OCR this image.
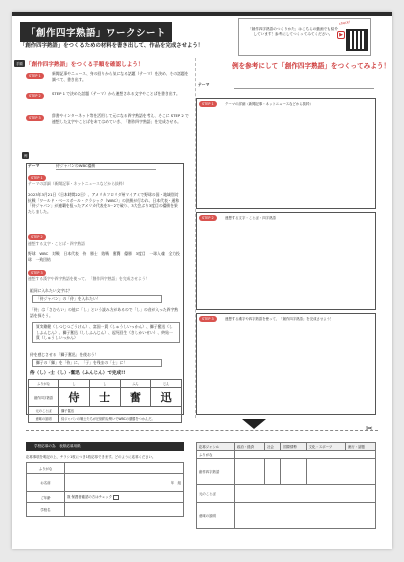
「創作四字熟語」ワークシート
「創作四字熟語」をつくるための材料を書き出して、作品を完成させよう！
「創作四字熟語のつくりかた」はこちらの動画でも紹介しています！参考にしてつくってみてください。
check!
▶
手順 「創作四字熟語」をつくる手順を確認しよう！
STEP 1	新聞記事やニュース、身の回りから気になる話題（テーマ）を決め、その話題を調べて、書き出す。
STEP 2	STEP 1 で決めた話題（テーマ）から連想される文字やことばを書き出す。
STEP 3	辞書やインターネット等を活用して元になる四字熟語を考え、そこに STEP 2 で連想した文字やことばをあてはめていき、「創作四字熟語」を完成させる。
例
テーマ	侍ジャパンのWBC優勝
STEP 1
テーマの詳細（新聞記事・ネットニュースなどから抜粋）
2023年3月21日（日本時間22日）、アメリカフロリダ州マイアミで野球の国・地域別対抗戦「ワールド・ベースボール・クラシック（WBC）」の決勝が行われ、日本代表・通称「侍ジャパン」が連覇を狙ったアメリカ代表を3－2で破り、3大会ぶり3度目の優勝を果たしました。
STEP 2
連想する文字・ことば・四字熟語
野球　WBC　対戦　日本代表　侍　勝士　敗戦　奮闘　優勝　3度目　一球入魂　全力投球　一致団結
STEP 3
連想する漢字や四字熟語を使って、「創作四字熟語」を完成させよう！
組同に入れたい文字は？
「侍ジャパン」の「侍」を入れたい！
「侍」は「さむらい」の他に「し」という読み方があるので「し」の音が入った四字熟語を探そう。
質実剛健（しつじつごうけん）、富国一貫（しゅうしいっかん）、獅子奮迅（ししふんじん）、獅子奮迅（ししふんじん）、起死回生（きしかいせい）、終始一貫（しゅうしいっかん）
侍を感じさせる「獅子奮迅」を使おう！
獅子の「獅」を「侍」に、「子」を残まの「士」に！
侍（し）-士（し）-奮迅（ふんじん）で完成!!
ふりがな	し	し	ふん	じん
創作四字熟語	侍	士	奮	迅
元のことば	獅子奮迅			
意味の説明	侍ジャパンの戦士たちが圧倒的な勢いでWBCの優勝をつかんだ。			
例を参考にして「創作四字熟語」をつくってみよう！
テーマ
STEP 1	テーマの詳細（新聞記事・ネットニュースなどから抜粋）
STEP 2	連想する文字・ことば・四字熟語
STEP 3	連想する漢字や四字熟語を使って、「創作四字熟語」を完成させよう！
✂
学校応募の為　表紙応募用紙
応募事項を明記の上、チラシ1枚につき1枚応募できます。どのように応募ください。
ふりがな	
お名前	年　組
ご年齢	歳 保護者確認の方はチェック
学校名	
応募ジャンル	政治・経済	社会	国際情勢	文化・スポーツ	流行・話題
ふりがな					
創作四字熟語					
元のことば					
意味の説明					
